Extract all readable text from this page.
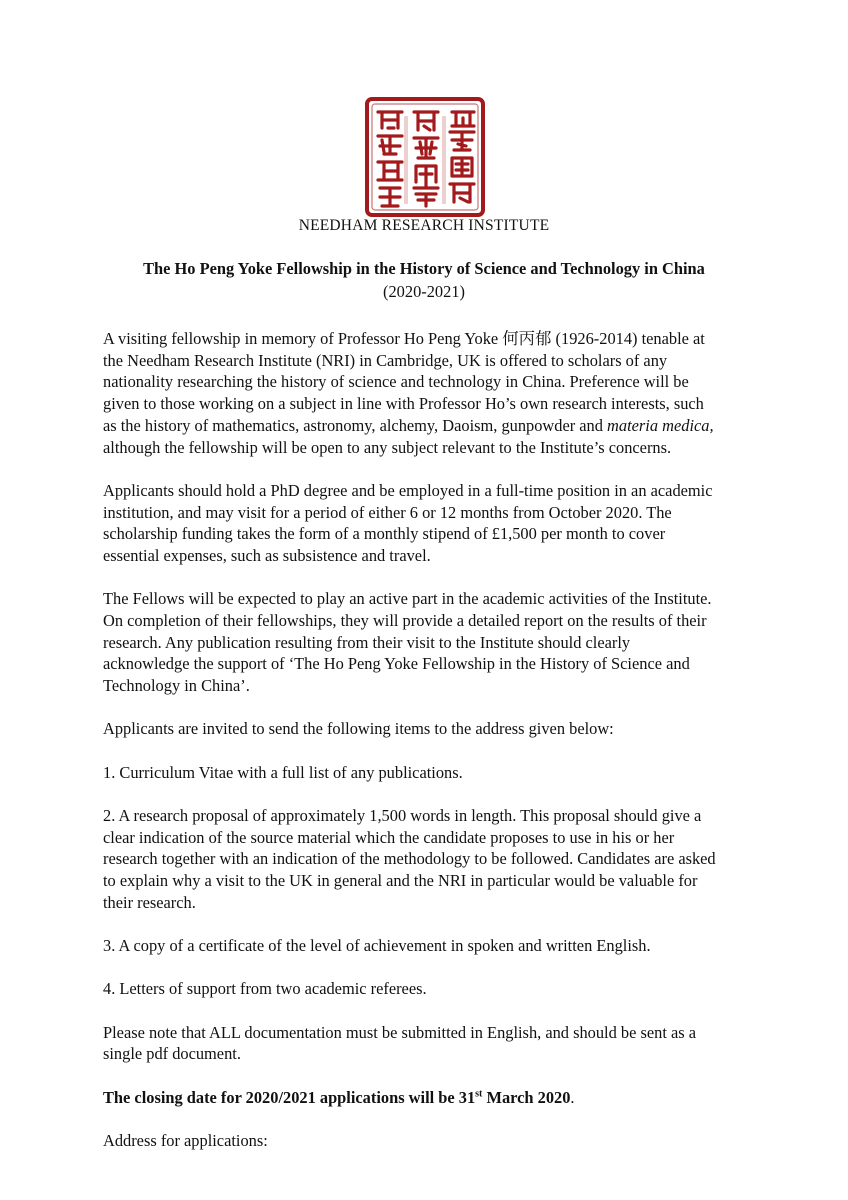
NEEDHAM RESEARCH INSTITUTE
The Ho Peng Yoke Fellowship in the History of Science and Technology in China
(2020-2021)
A visiting fellowship in memory of Professor Ho Peng Yoke 何丙郁 (1926-2014) tenable at
the Needham Research Institute (NRI) in Cambridge, UK is offered to scholars of any
nationality researching the history of science and technology in China. Preference will be
given to those working on a subject in line with Professor Ho’s own research interests, such
as the history of mathematics, astronomy, alchemy, Daoism, gunpowder and materia medica,
although the fellowship will be open to any subject relevant to the Institute’s concerns.
Applicants should hold a PhD degree and be employed in a full-time position in an academic
institution, and may visit for a period of either 6 or 12 months from October 2020. The
scholarship funding takes the form of a monthly stipend of £1,500 per month to cover
essential expenses, such as subsistence and travel.
The Fellows will be expected to play an active part in the academic activities of the Institute.
On completion of their fellowships, they will provide a detailed report on the results of their
research. Any publication resulting from their visit to the Institute should clearly
acknowledge the support of ‘The Ho Peng Yoke Fellowship in the History of Science and
Technology in China’.
Applicants are invited to send the following items to the address given below:
1. Curriculum Vitae with a full list of any publications.
2. A research proposal of approximately 1,500 words in length. This proposal should give a
clear indication of the source material which the candidate proposes to use in his or her
research together with an indication of the methodology to be followed. Candidates are asked
to explain why a visit to the UK in general and the NRI in particular would be valuable for
their research.
3. A copy of a certificate of the level of achievement in spoken and written English.
4. Letters of support from two academic referees.
Please note that ALL documentation must be submitted in English, and should be sent as a
single pdf document.
The closing date for 2020/2021 applications will be 31st March 2020.
Address for applications:
